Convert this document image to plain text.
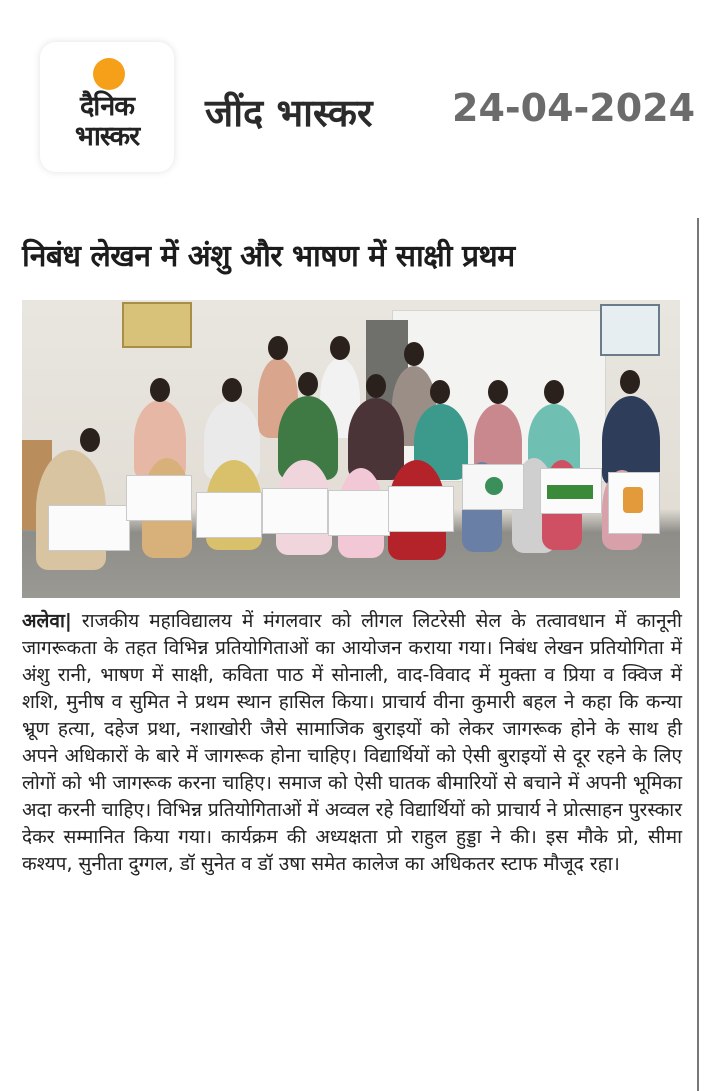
दैनिक
भास्कर
जींद भास्कर 24-04-2024
निबंध लेखन में अंशु और भाषण में साक्षी प्रथम
अलेवा| राजकीय महाविद्यालय में मंगलवार को लीगल लिटरेसी सेल के तत्वावधान में कानूनी जागरूकता के तहत विभिन्न प्रतियोगिताओं का आयोजन कराया गया। निबंध लेखन प्रतियोगिता में अंशु रानी, भाषण में साक्षी, कविता पाठ में सोनाली, वाद-विवाद में मुक्ता व प्रिया व क्विज में शशि, मुनीष व सुमित ने प्रथम स्थान हासिल किया। प्राचार्य वीना कुमारी बहल ने कहा कि कन्या भ्रूण हत्या, दहेज प्रथा, नशाखोरी जैसे सामाजिक बुराइयों को लेकर जागरूक होने के साथ ही अपने अधिकारों के बारे में जागरूक होना चाहिए। विद्यार्थियों को ऐसी बुराइयों से दूर रहने के लिए लोगों को भी जागरूक करना चाहिए। समाज को ऐसी घातक बीमारियों से बचाने में अपनी भूमिका अदा करनी चाहिए। विभिन्न प्रतियोगिताओं में अव्वल रहे विद्यार्थियों को प्राचार्य ने प्रोत्साहन पुरस्कार देकर सम्मानित किया गया। कार्यक्रम की अध्यक्षता प्रो राहुल हुड्डा ने की। इस मौके प्रो, सीमा कश्यप, सुनीता दुग्गल, डॉ सुनेत व डॉ उषा समेत कालेज का अधिकतर स्टाफ मौजूद रहा।
